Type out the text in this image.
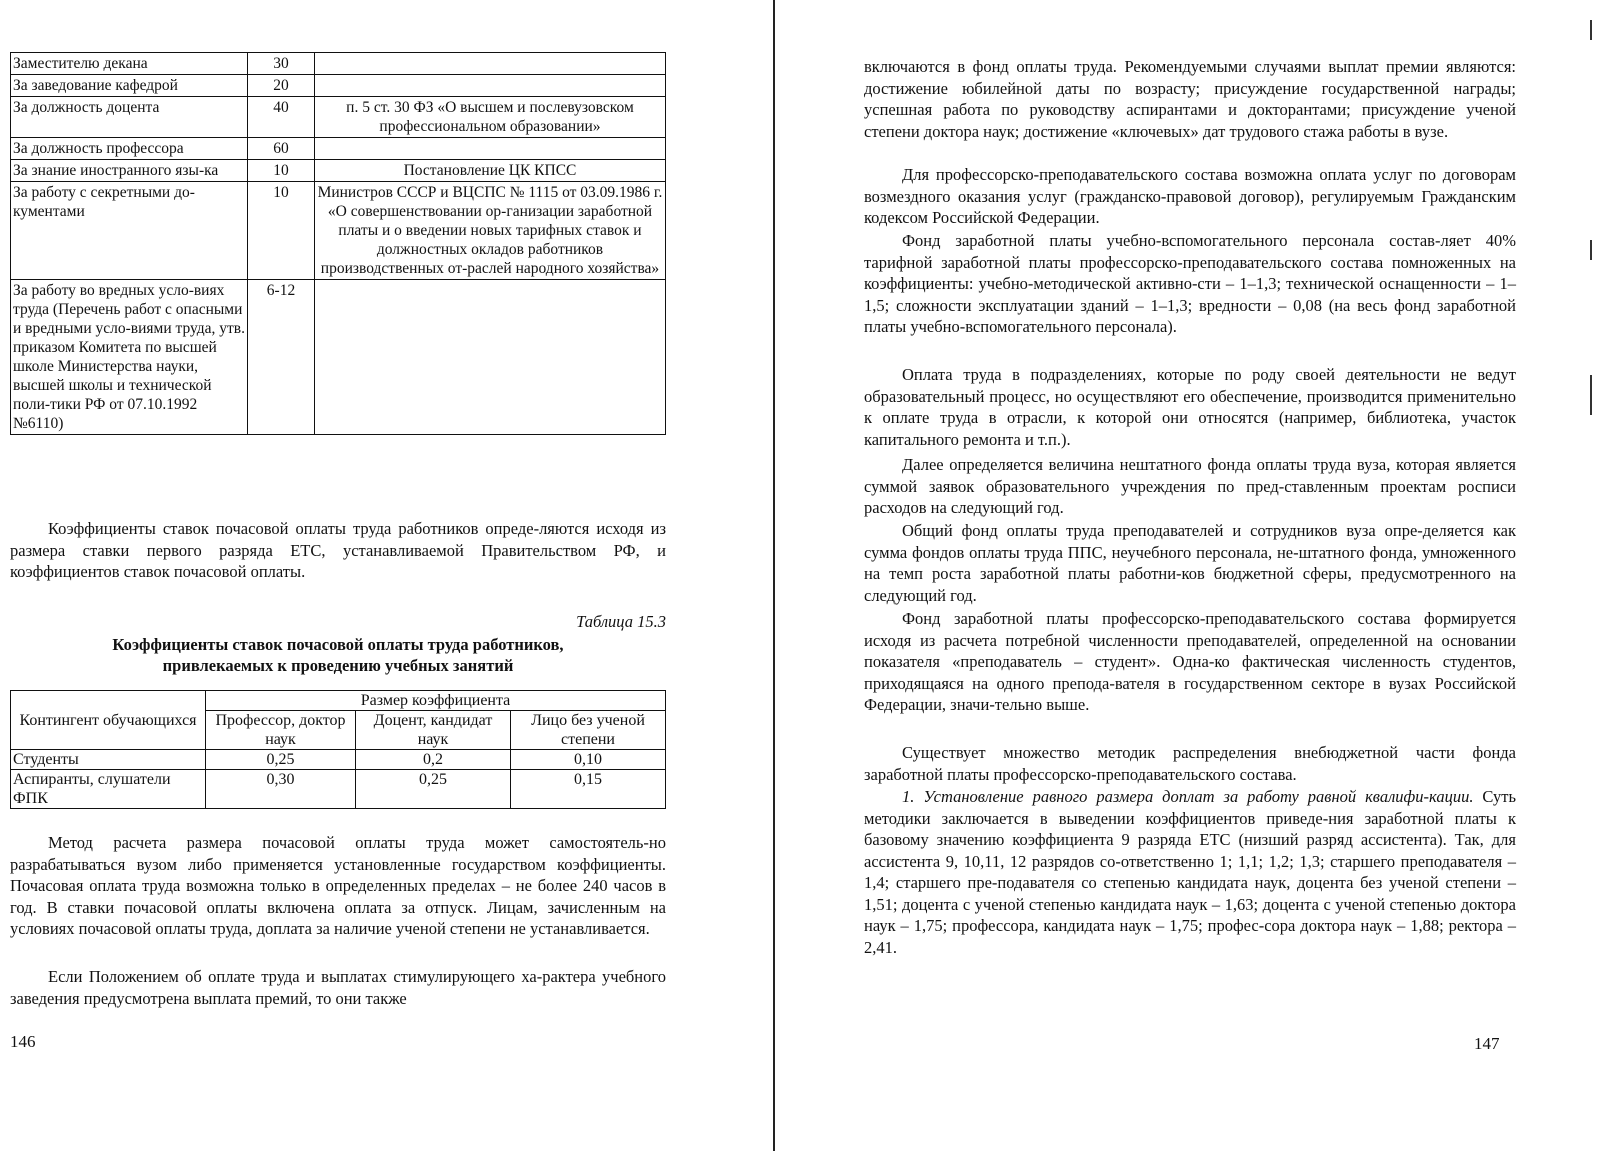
Заместителю декана	30	
За заведование кафедрой	20	
За должность доцента	40	п. 5 ст. 30 ФЗ «О высшем и послевузовском профессиональном образовании»
За должность профессора	60	
За знание иностранного язы-ка	10	Постановление ЦК КПСС
За работу с секретными до-кументами	10	Министров СССР и ВЦСПС № 1115 от 03.09.1986 г. «О совершенствовании ор-ганизации заработной платы и о введении новых тарифных ставок и должностных окладов работников производственных от-раслей народного хозяйства»
За работу во вредных усло-виях труда (Перечень работ с опасными и вредными усло-виями труда, утв. приказом Комитета по высшей школе Министерства науки, высшей школы и технической поли-тики РФ от 07.10.1992 №6110)	6-12	
Коэффициенты ставок почасовой оплаты труда работников опреде-ляются исходя из размера ставки первого разряда ЕТС, устанавливаемой Правительством РФ, и коэффициентов ставок почасовой оплаты.
Таблица 15.3
Коэффициенты ставок почасовой оплаты труда работников, привлекаемых к проведению учебных занятий
Контингент обучающихся	Размер коэффициента		
	Профессор, доктор наук	Доцент, кандидат наук	Лицо без ученой степени
Студенты	0,25	0,2	0,10
Аспиранты, слушатели ФПК	0,30	0,25	0,15
Метод расчета размера почасовой оплаты труда может самостоятель-но разрабатываться вузом либо применяется установленные государством коэффициенты. Почасовая оплата труда возможна только в определенных пределах – не более 240 часов в год. В ставки почасовой оплаты включена оплата за отпуск. Лицам, зачисленным на условиях почасовой оплаты труда, доплата за наличие ученой степени не устанавливается.
Если Положением об оплате труда и выплатах стимулирующего ха-рактера учебного заведения предусмотрена выплата премий, то они также
146
включаются в фонд оплаты труда. Рекомендуемыми случаями выплат премии являются: достижение юбилейной даты по возрасту; присуждение государственной награды; успешная работа по руководству аспирантами и докторантами; присуждение ученой степени доктора наук; достижение «ключевых» дат трудового стажа работы в вузе.
Для профессорско-преподавательского состава возможна оплата услуг по договорам возмездного оказания услуг (гражданско-правовой договор), регулируемым Гражданским кодексом Российской Федерации.
Фонд заработной платы учебно-вспомогательного персонала состав-ляет 40% тарифной заработной платы профессорско-преподавательского состава помноженных на коэффициенты: учебно-методической активно-сти – 1–1,3; технической оснащенности – 1–1,5; сложности эксплуатации зданий – 1–1,3; вредности – 0,08 (на весь фонд заработной платы учебно-вспомогательного персонала).
Оплата труда в подразделениях, которые по роду своей деятельности не ведут образовательный процесс, но осуществляют его обеспечение, производится применительно к оплате труда в отрасли, к которой они относятся (например, библиотека, участок капитального ремонта и т.п.).
Далее определяется величина нештатного фонда оплаты труда вуза, которая является суммой заявок образовательного учреждения по пред-ставленным проектам росписи расходов на следующий год.
Общий фонд оплаты труда преподавателей и сотрудников вуза опре-деляется как сумма фондов оплаты труда ППС, неучебного персонала, не-штатного фонда, умноженного на темп роста заработной платы работни-ков бюджетной сферы, предусмотренного на следующий год.
Фонд заработной платы профессорско-преподавательского состава формируется исходя из расчета потребной численности преподавателей, определенной на основании показателя «преподаватель – студент». Одна-ко фактическая численность студентов, приходящаяся на одного препода-вателя в государственном секторе в вузах Российской Федерации, значи-тельно выше.
Существует множество методик распределения внебюджетной части фонда заработной платы профессорско-преподавательского состава.
1. Установление равного размера доплат за работу равной квалифи-кации. Суть методики заключается в выведении коэффициентов приведе-ния заработной платы к базовому значению коэффициента 9 разряда ЕТС (низший разряд ассистента). Так, для ассистента 9, 10,11, 12 разрядов со-ответственно 1; 1,1; 1,2; 1,3; старшего преподавателя – 1,4; старшего пре-подавателя со степенью кандидата наук, доцента без ученой степени – 1,51; доцента с ученой степенью кандидата наук – 1,63; доцента с ученой степенью доктора наук – 1,75; профессора, кандидата наук – 1,75; профес-сора доктора наук – 1,88; ректора – 2,41.
147
